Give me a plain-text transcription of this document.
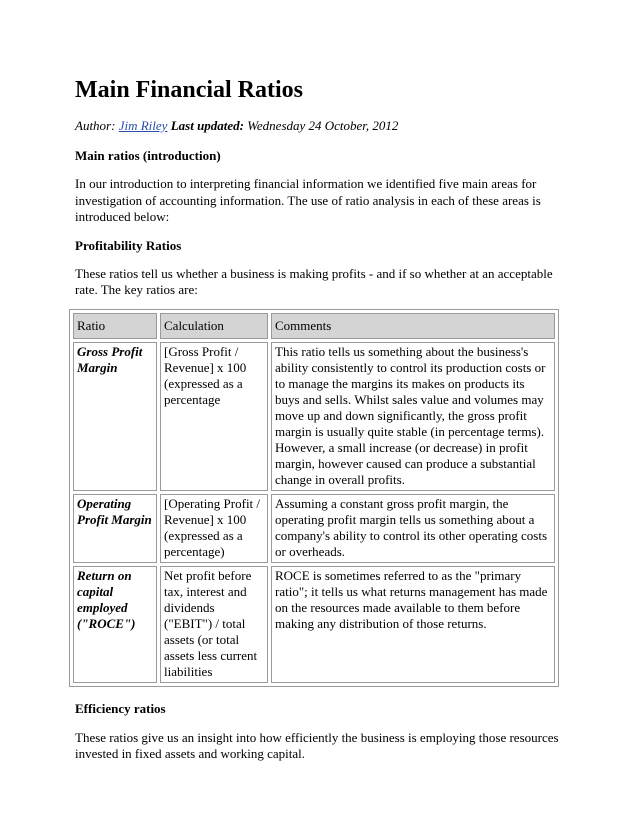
Main Financial Ratios
Author: Jim Riley Last updated: Wednesday 24 October, 2012
Main ratios (introduction)

In our introduction to interpreting financial information we identified five main areas for investigation of accounting information. The use of ratio analysis in each of these areas is introduced below:

Profitability Ratios

These ratios tell us whether a business is making profits - and if so whether at an acceptable rate. The key ratios are:

Ratio	Calculation	Comments
Gross Profit Margin	[Gross Profit / Revenue] x 100 (expressed as a percentage	This ratio tells us something about the business's ability consistently to control its production costs or to manage the margins its makes on products its buys and sells. Whilst sales value and volumes may move up and down significantly, the gross profit margin is usually quite stable (in percentage terms). However, a small increase (or decrease) in profit margin, however caused can produce a substantial change in overall profits.
Operating Profit Margin	[Operating Profit / Revenue] x 100 (expressed as a percentage)	Assuming a constant gross profit margin, the operating profit margin tells us something about a company's ability to control its other operating costs or overheads.
Return on capital employed ("ROCE")	Net profit before tax, interest and dividends ("EBIT") / total assets (or total assets less current liabilities	ROCE is sometimes referred to as the "primary ratio"; it tells us what returns management has made on the resources made available to them before making any distribution of those returns.
Efficiency ratios

These ratios give us an insight into how efficiently the business is employing those resources invested in fixed assets and working capital.
